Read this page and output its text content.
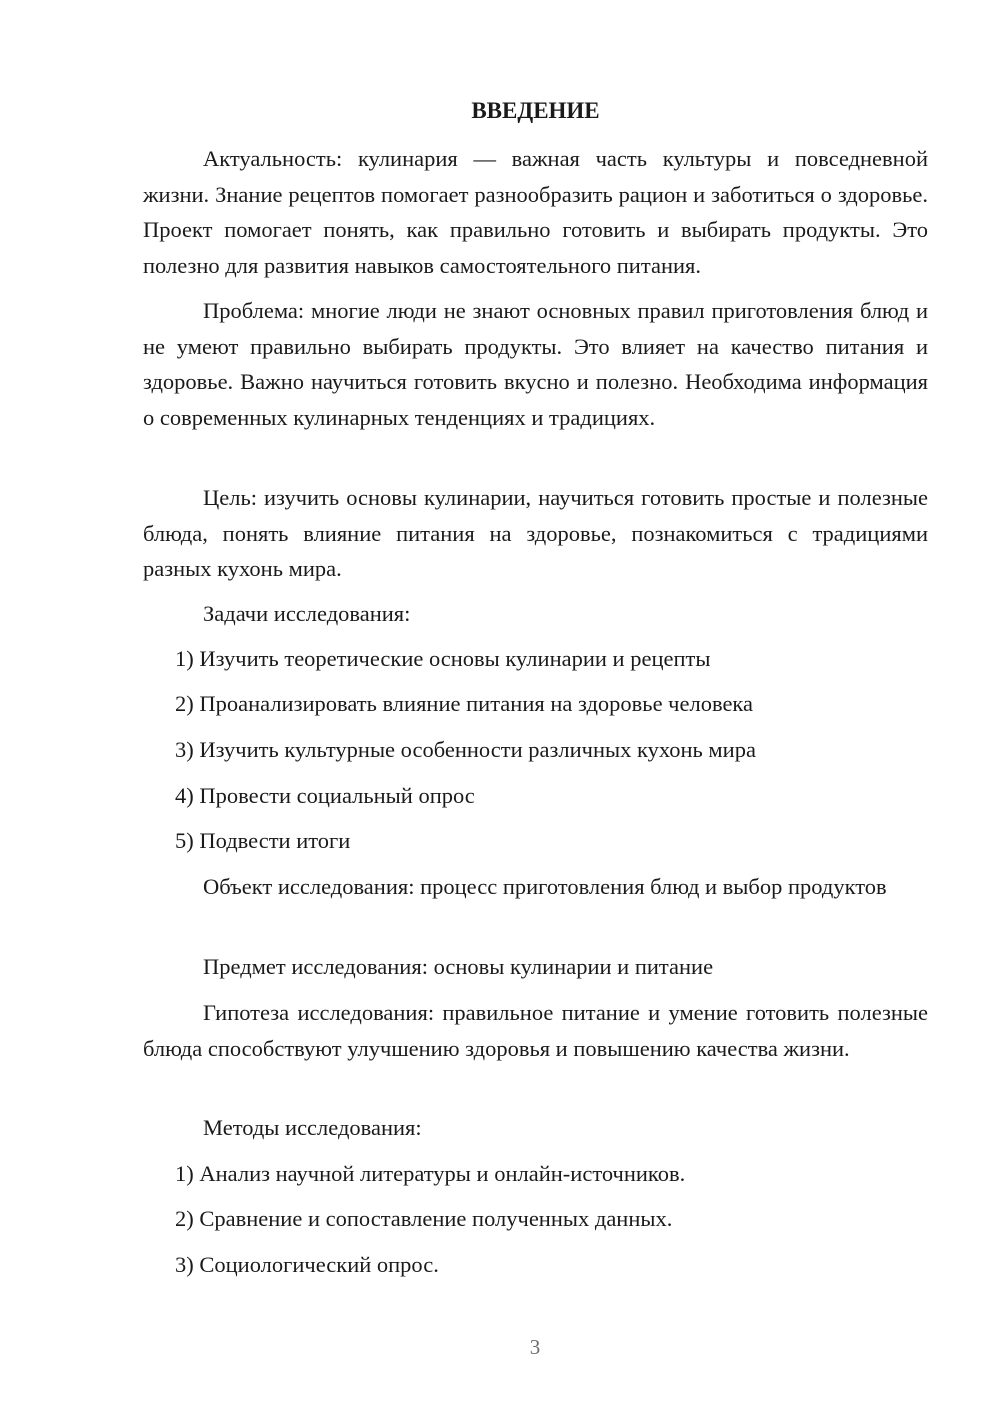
ВВЕДЕНИЕ

Актуальность: кулинария — важная часть культуры и повседневной жизни. Знание рецептов помогает разнообразить рацион и заботиться о здоровье. Проект помогает понять, как правильно готовить и выбирать продукты. Это полезно для развития навыков самостоятельного питания.

Проблема: многие люди не знают основных правил приготовления блюд и не умеют правильно выбирать продукты. Это влияет на качество питания и здоровье. Важно научиться готовить вкусно и полезно. Необходима информация о современных кулинарных тенденциях и традициях.

Цель: изучить основы кулинарии, научиться готовить простые и полезные блюда, понять влияние питания на здоровье, познакомиться с традициями разных кухонь мира.

Задачи исследования:

1) Изучить теоретические основы кулинарии и рецепты

2) Проанализировать влияние питания на здоровье человека

3) Изучить культурные особенности различных кухонь мира

4) Провести социальный опрос

5) Подвести итоги

Объект исследования: процесс приготовления блюд и выбор продуктов

Предмет исследования: основы кулинарии и питание

Гипотеза исследования: правильное питание и умение готовить полезные блюда способствуют улучшению здоровья и повышению качества жизни.

Методы исследования:

1) Анализ научной литературы и онлайн-источников.

2) Сравнение и сопоставление полученных данных.

3) Социологический опрос.

3
